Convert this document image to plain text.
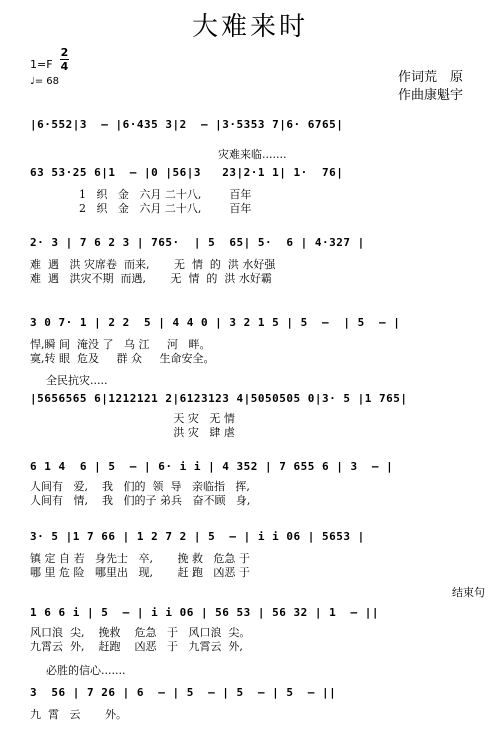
大难来时
1=F
2
4
♩= 68	作词荒　原
作曲康魁宇
|6·552|3  – |6·435 3|2  – |3·5353 7|6· 6765|
灾难来临.......
63 53·25 6|1  – |0 |56|3   23|2·1 1| 1·  76|
1   织   金   六月 二十八,        百年
2   织   金   六月 二十八,        百年
2· 3 | 7 6 2 3 | 765·  | 5  65| 5·  6 | 4·327 |
难  遇   洪 灾席卷  而来,       无  情  的  洪 水好强
难  遇   洪灾不期  而遇,       无  情  的  洪 水好霸
3 0 7· 1 | 2 2  5 | 4 4 0 | 3 2 1 5 | 5  –  | 5  – |
悍,瞬 间  淹没 了   乌 江     河   畔。
寞,转 眼  危及     群 众     生命安全。
全民抗灾.....
|5656565 6|1212121 2|6123123 4|5050505 0|3· 5 |1 765|
天 灾   无 情
洪 灾   肆 虐
6 1 4  6 | 5  – | 6· i i | 4 352 | 7 655 6 | 3  – |
人间有   爱,    我   们的  领  导   亲临指   挥,
人间有   情,    我   们的子 弟兵   奋不顾   身,
3· 5 |1 7 66 | 1 2 7 2 | 5  – | i i 06 | 5653 |
镇 定 自 若   身先士   卒,       挽 救   危急 于
哪 里 危 险   哪里出   现,       赶 跑   凶恶 于
结束句
1 6 6 i | 5  – | i i 06 | 56 53 | 56 32 | 1  – ||
风口浪  尖,    挽救    危急   于   风口浪  尖。
九霄云  外,    赶跑    凶恶   于   九霄云  外,
必胜的信心.......
3  56 | 7 26 | 6  – | 5  – | 5  – | 5  – ||
九  霄   云       外。
